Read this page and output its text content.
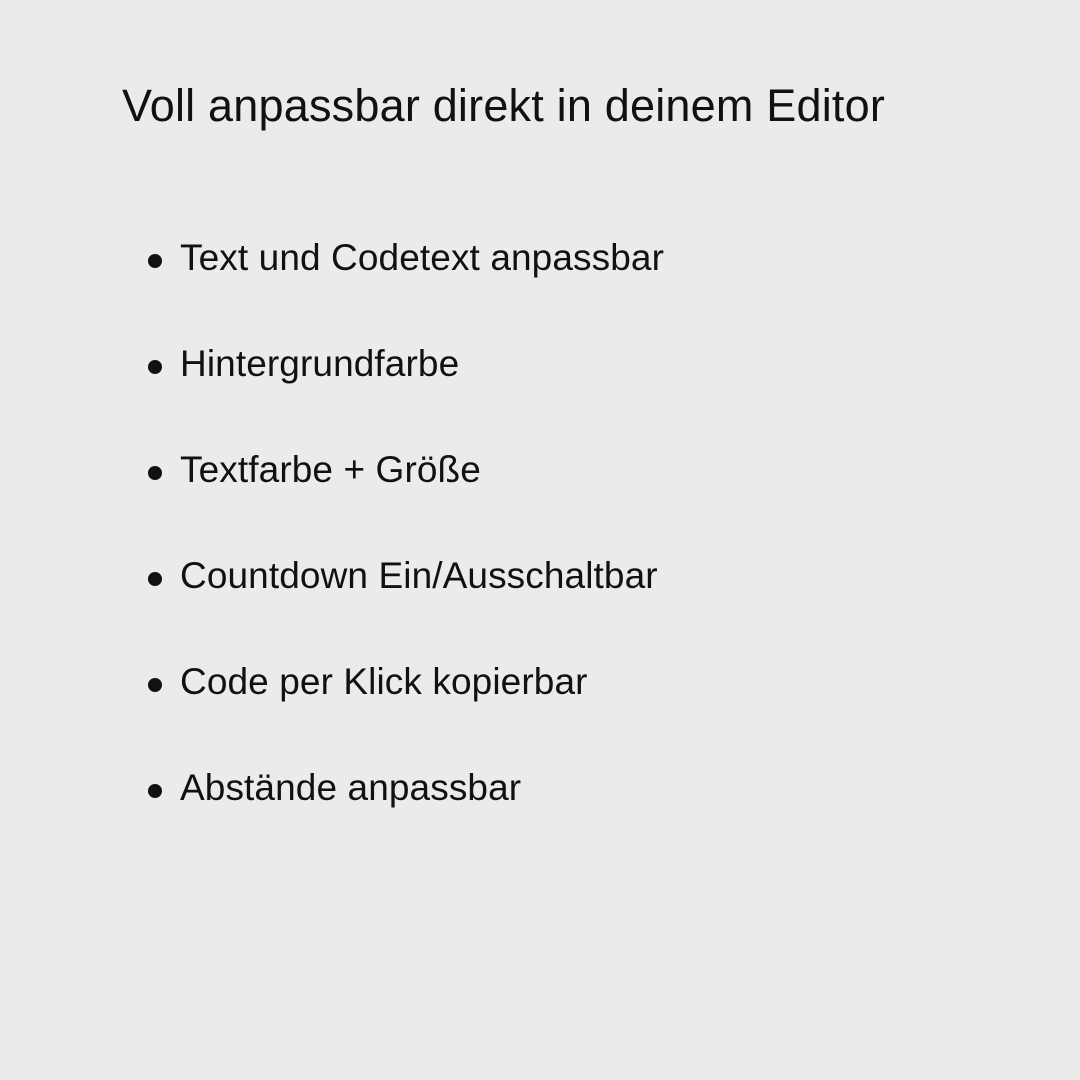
Voll anpassbar direkt in deinem Editor
Text und Codetext anpassbar
Hintergrundfarbe
Textfarbe + Größe
Countdown Ein/Ausschaltbar
Code per Klick kopierbar
Abstände anpassbar
